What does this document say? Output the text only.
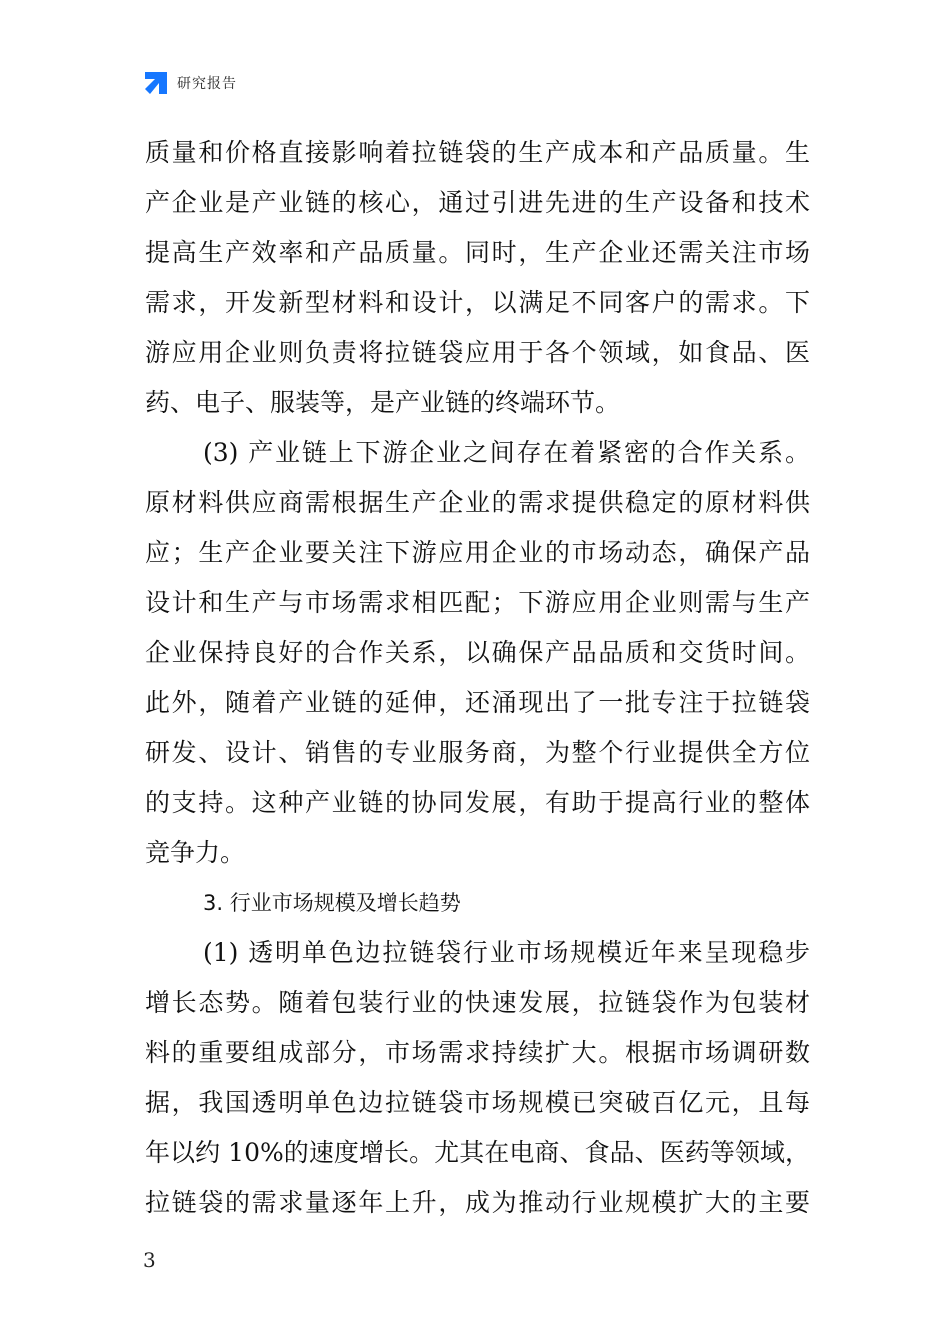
研究报告
质量和价格直接影响着拉链袋的生产成本和产品质量。生
产企业是产业链的核心，通过引进先进的生产设备和技术
提高生产效率和产品质量。同时，生产企业还需关注市场
需求，开发新型材料和设计，以满足不同客户的需求。下
游应用企业则负责将拉链袋应用于各个领域，如食品、医
药、电子、服装等，是产业链的终端环节。
(3) 产业链上下游企业之间存在着紧密的合作关系。
原材料供应商需根据生产企业的需求提供稳定的原材料供
应；生产企业要关注下游应用企业的市场动态，确保产品
设计和生产与市场需求相匹配；下游应用企业则需与生产
企业保持良好的合作关系，以确保产品品质和交货时间。
此外，随着产业链的延伸，还涌现出了一批专注于拉链袋
研发、设计、销售的专业服务商，为整个行业提供全方位
的支持。这种产业链的协同发展，有助于提高行业的整体
竞争力。
3. 行业市场规模及增长趋势
(1) 透明单色边拉链袋行业市场规模近年来呈现稳步
增长态势。随着包装行业的快速发展，拉链袋作为包装材
料的重要组成部分，市场需求持续扩大。根据市场调研数
据，我国透明单色边拉链袋市场规模已突破百亿元，且每
年以约 10%的速度增长。尤其在电商、食品、医药等领域，
拉链袋的需求量逐年上升，成为推动行业规模扩大的主要
3
